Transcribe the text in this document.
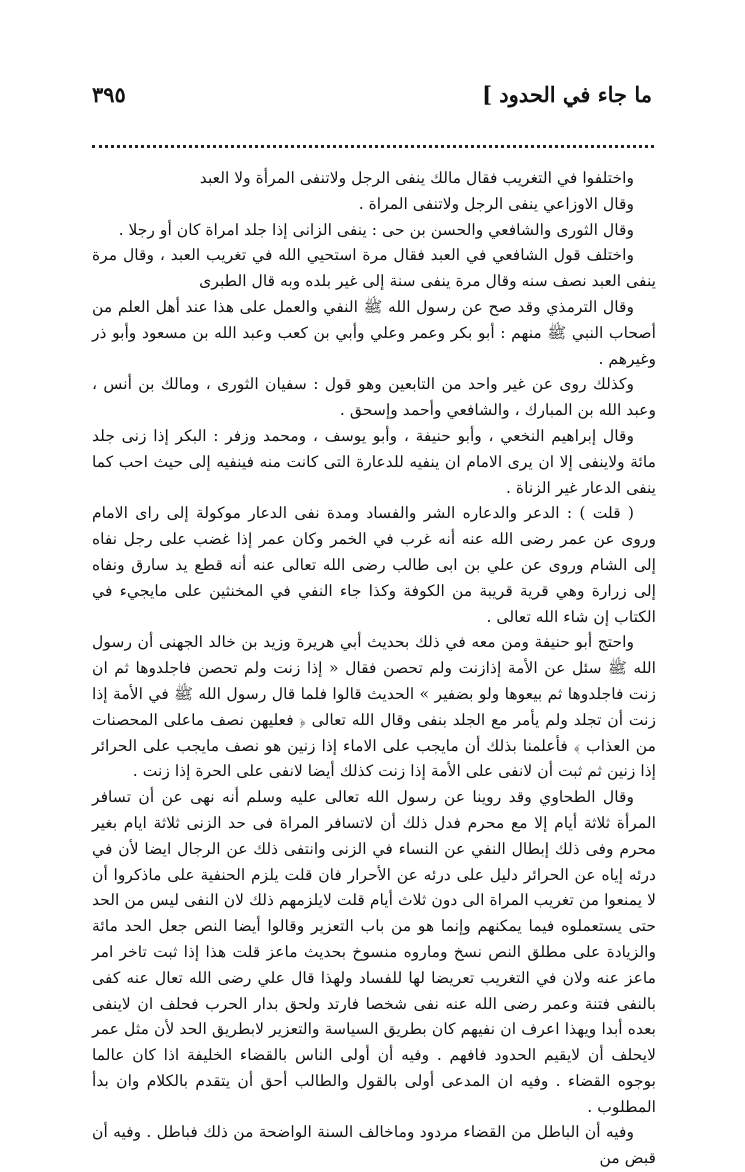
ما جاء في الحدود ]
٣٩٥

واختلفوا في التغريب فقال مالك ينفى الرجل ولاتنفى المرأة ولا العبد

وقال الاوزاعي ينفى الرجل ولاتنفى المراة .

وقال الثورى والشافعي والحسن بن حى : ينفى الزانى إذا جلد امراة كان أو رجلا .

واختلف قول الشافعي في العبد فقال مرة استحيي الله في تغريب العبد ، وقال مرة ينفى العبد نصف سنه وقال مرة ينفى سنة إلى غير بلده وبه قال الطبرى

وقال الترمذي وقد صح عن رسول الله ﷺ النفي والعمل على هذا عند أهل العلم من أصحاب النبي ﷺ منهم : أبو بكر وعمر وعلي وأبي بن كعب وعبد الله بن مسعود وأبو ذر وغيرهم .

وكذلك روى عن غير واحد من التابعين وهو قول : سفيان الثورى ، ومالك بن أنس ، وعبد الله بن المبارك ، والشافعي وأحمد وإسحق .

وقال إبراهيم النخعي ، وأبو حنيفة ، وأبو يوسف ، ومحمد وزفر : البكر إذا زنى جلد مائة ولاينفى إلا ان يرى الامام ان ينفيه للدعارة التى كانت منه فينفيه إلى حيث احب كما ينفى الدعار غير الزناة .

( قلت ) : الدعر والدعاره الشر والفساد ومدة نفى الدعار موكولة إلى راى الامام وروى عن عمر رضى الله عنه أنه غرب في الخمر وكان عمر إذا غضب على رجل نفاه إلى الشام وروى عن علي بن ابى طالب رضى الله تعالى عنه أنه قطع يد سارق ونفاه إلى زرارة وهي قرية قريبة من الكوفة وكذا جاء النفي في المخنثين على مايجيء في الكتاب إن شاء الله تعالى .

واحتج أبو حنيفة ومن معه في ذلك بحديث أبي هريرة وزيد بن خالد الجهنى أن رسول الله ﷺ سئل عن الأمة إذازنت ولم تحصن فقال « إذا زنت ولم تحصن فاجلدوها ثم ان زنت فاجلدوها ثم بيعوها ولو بضفير » الحديث قالوا فلما قال رسول الله ﷺ في الأمة إذا زنت أن تجلد ولم يأمر مع الجلد بنفى وقال الله تعالى ﴿ فعليهن نصف ماعلى المحصنات من العذاب ﴾ فأعلمنا بذلك أن مايجب على الاماء إذا زنين هو نصف مايجب على الحرائر إذا زنين ثم ثبت أن لانفى على الأمة إذا زنت كذلك أيضا لانفى على الحرة إذا زنت .

وقال الطحاوي وقد روينا عن رسول الله تعالى عليه وسلم أنه نهى عن أن تسافر المرأة ثلاثة أيام إلا مع محرم فدل ذلك أن لاتسافر المراة فى حد الزنى ثلاثة ايام بغير محرم وفى ذلك إبطال النفي عن النساء في الزنى وانتفى ذلك عن الرجال ايضا لأن في درئه إياه عن الحرائر دليل على درئه عن الأحرار فان قلت يلزم الحنفية على ماذكروا أن لا يمنعوا من تغريب المراة الى دون ثلاث أيام قلت لايلزمهم ذلك لان النفى ليس من الحد حتى يستعملوه فيما يمكنهم وإنما هو من باب التعزير وقالوا أيضا النص جعل الحد مائة والزيادة على مطلق النص نسخ وماروه منسوخ بحديث ماعز قلت هذا إذا ثبت تاخر امر ماعز عنه ولان في التغريب تعريضا لها للفساد ولهذا قال علي رضى الله تعال عنه كفى بالنفى فتنة وعمر رضى الله عنه نفى شخصا فارتد ولحق بدار الحرب فحلف ان لاينفى بعده أبدا ويهذا اعرف ان نفيهم كان بطريق السياسة والتعزير لابطريق الحد لأن مثل عمر لايحلف أن لايقيم الحدود فافهم . وفيه أن أولى الناس بالقضاء الخليفة اذا كان عالما بوجوه القضاء . وفيه ان المدعى أولى بالقول والطالب أحق أن يتقدم بالكلام وان بدأ المطلوب .

وفيه أن الباطل من القضاء مردود وماخالف السنة الواضحة من ذلك فباطل . وفيه أن قبض من
